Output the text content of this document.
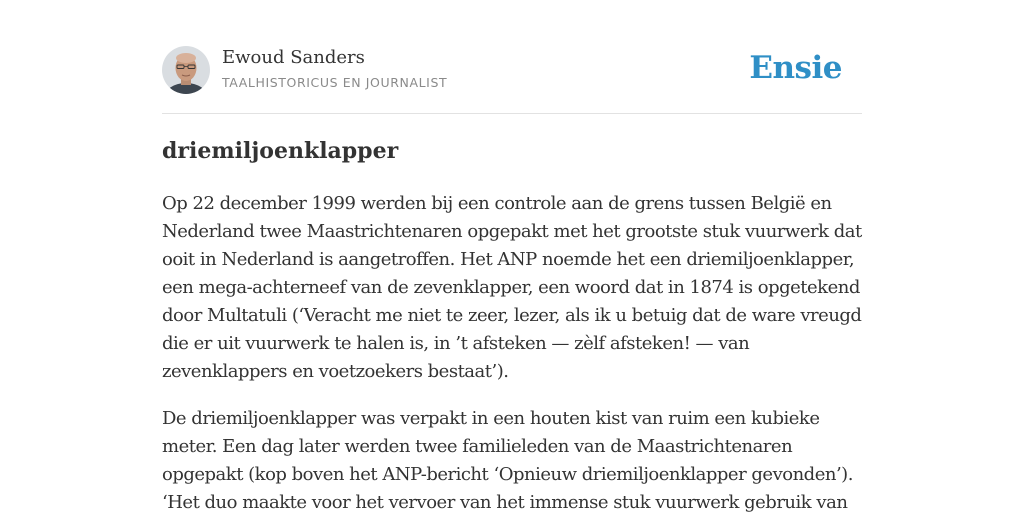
Ewoud Sanders
TAALHISTORICUS EN JOURNALIST	Ensie
driemiljoenklapper

Op 22 december 1999 werden bij een controle aan de grens tussen België en
Nederland twee Maastrichtenaren opgepakt met het grootste stuk vuurwerk dat
ooit in Nederland is aangetroffen. Het ANP noemde het een driemiljoenklapper,
een mega-achterneef van de zevenklapper, een woord dat in 1874 is opgetekend
door Multatuli (‘Veracht me niet te zeer, lezer, als ik u betuig dat de ware vreugd
die er uit vuurwerk te halen is, in ’t afsteken — zèlf afsteken! — van
zevenklappers en voetzoekers bestaat’).

De driemiljoenklapper was verpakt in een houten kist van ruim een kubieke
meter. Een dag later werden twee familieleden van de Maastrichtenaren
opgepakt (kop boven het ANP-bericht ‘Opnieuw driemiljoenklapper gevonden’).
‘Het duo maakte voor het vervoer van het immense stuk vuurwerk gebruik van
